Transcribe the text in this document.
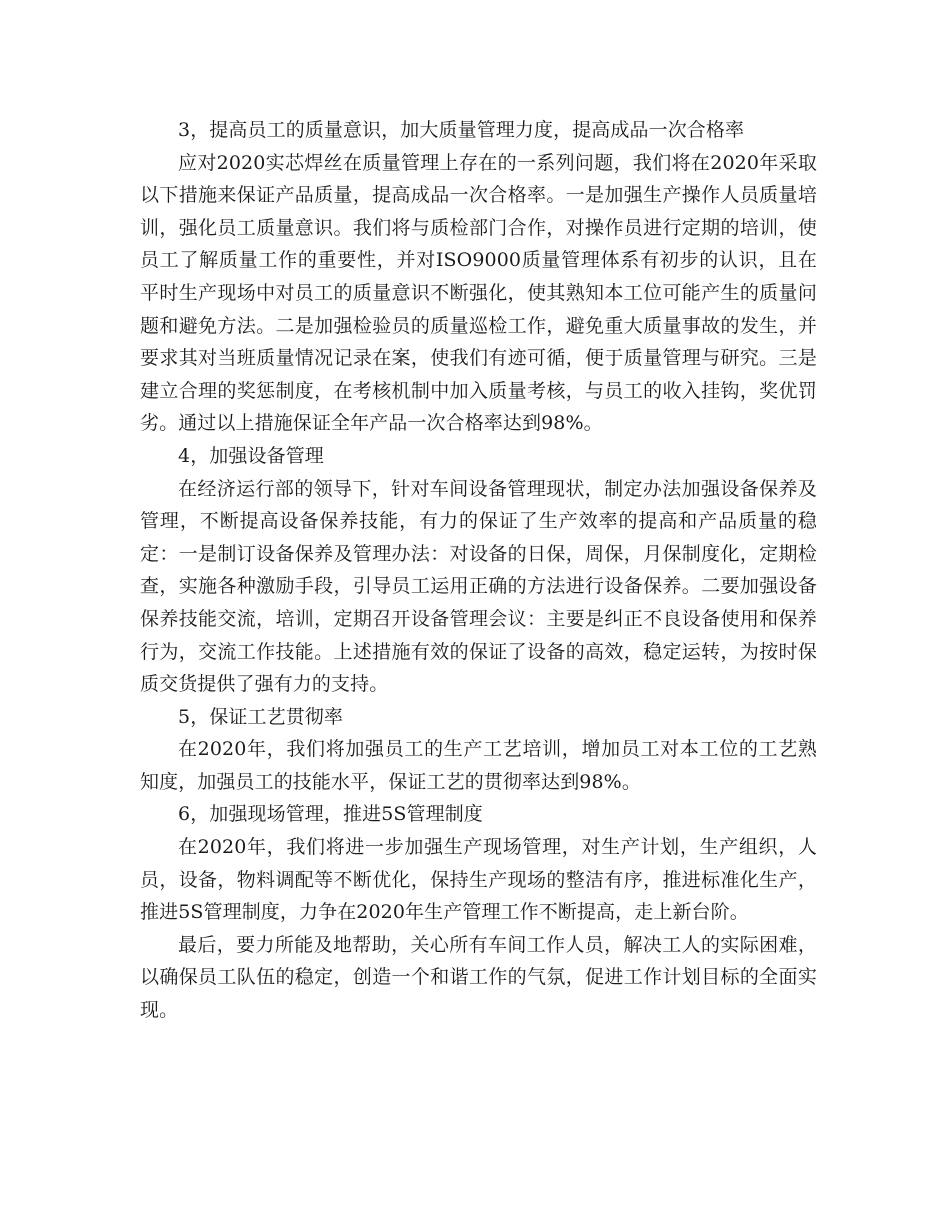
3，提高员工的质量意识，加大质量管理力度，提高成品一次合格率

应对2020实芯焊丝在质量管理上存在的一系列问题，我们将在2020年采取以下措施来保证产品质量，提高成品一次合格率。一是加强生产操作人员质量培训，强化员工质量意识。我们将与质检部门合作，对操作员进行定期的培训，使员工了解质量工作的重要性，并对ISO9000质量管理体系有初步的认识，且在平时生产现场中对员工的质量意识不断强化，使其熟知本工位可能产生的质量问题和避免方法。二是加强检验员的质量巡检工作，避免重大质量事故的发生，并要求其对当班质量情况记录在案，使我们有迹可循，便于质量管理与研究。三是建立合理的奖惩制度，在考核机制中加入质量考核，与员工的收入挂钩，奖优罚劣。通过以上措施保证全年产品一次合格率达到98%。

4，加强设备管理

在经济运行部的领导下，针对车间设备管理现状，制定办法加强设备保养及管理，不断提高设备保养技能，有力的保证了生产效率的提高和产品质量的稳定：一是制订设备保养及管理办法：对设备的日保，周保，月保制度化，定期检查，实施各种激励手段，引导员工运用正确的方法进行设备保养。二要加强设备保养技能交流，培训，定期召开设备管理会议：主要是纠正不良设备使用和保养行为，交流工作技能。上述措施有效的保证了设备的高效，稳定运转，为按时保质交货提供了强有力的支持。

5，保证工艺贯彻率

在2020年，我们将加强员工的生产工艺培训，增加员工对本工位的工艺熟知度，加强员工的技能水平，保证工艺的贯彻率达到98%。

6，加强现场管理，推进5S管理制度

在2020年，我们将进一步加强生产现场管理，对生产计划，生产组织，人员，设备，物料调配等不断优化，保持生产现场的整洁有序，推进标准化生产，推进5S管理制度，力争在2020年生产管理工作不断提高，走上新台阶。

最后，要力所能及地帮助，关心所有车间工作人员，解决工人的实际困难，以确保员工队伍的稳定，创造一个和谐工作的气氛，促进工作计划目标的全面实现。
